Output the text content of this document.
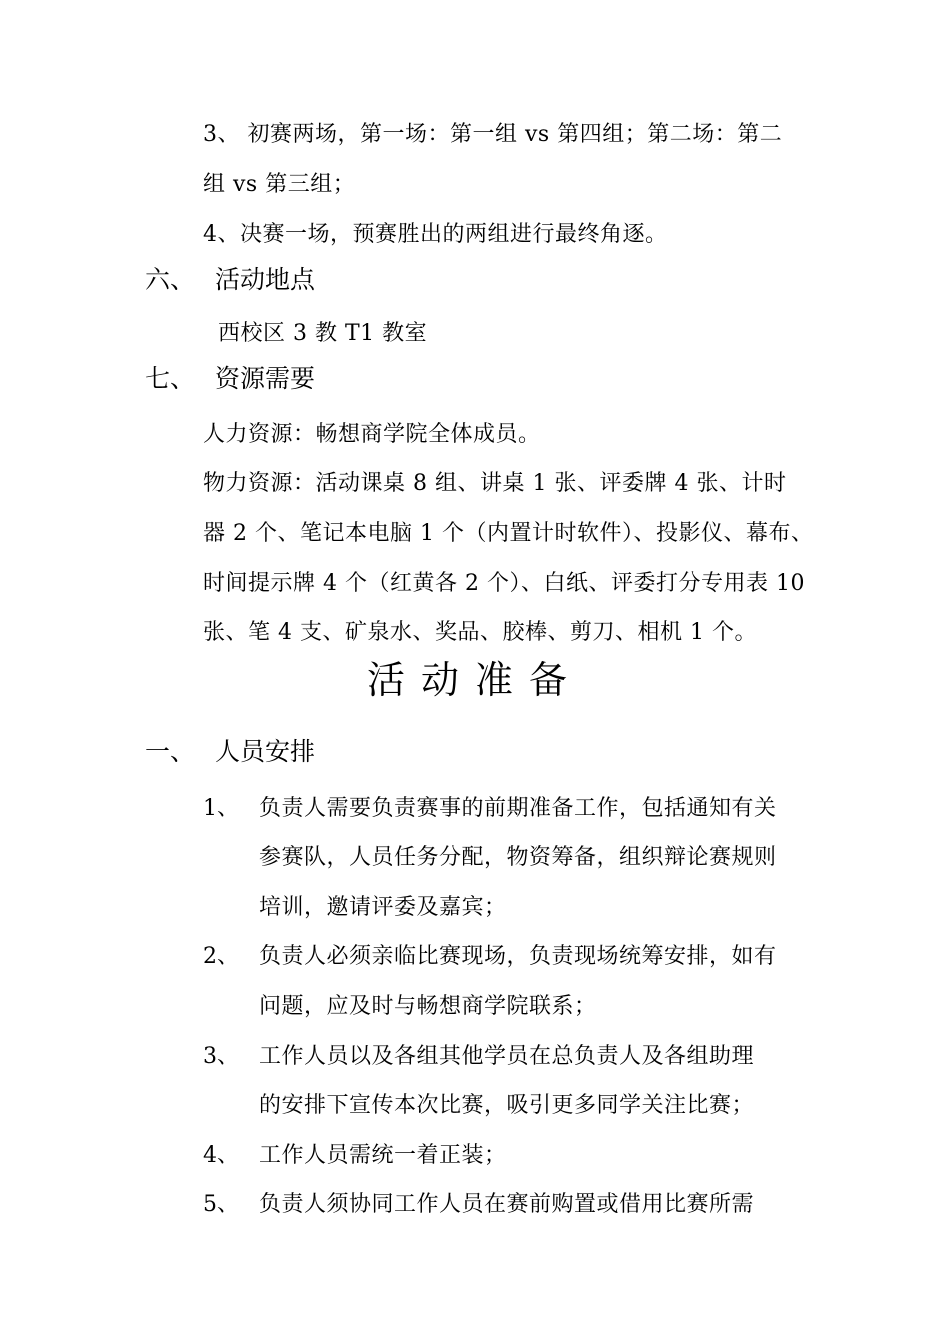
3、 初赛两场，第一场：第一组 vs 第四组；第二场：第二
组 vs 第三组；
4、决赛一场，预赛胜出的两组进行最终角逐。
六、 活动地点
西校区 3 教 T1 教室
七、 资源需要
人力资源：畅想商学院全体成员。
物力资源：活动课桌 8 组、讲桌 1 张、评委牌 4 张、计时
器 2 个、笔记本电脑 1 个（内置计时软件）、投影仪、幕布、
时间提示牌 4 个（红黄各 2 个）、白纸、评委打分专用表 10
张、笔 4 支、矿泉水、奖品、胶棒、剪刀、相机 1 个。
活动准备
一、 人员安排
1、 负责人需要负责赛事的前期准备工作，包括通知有关
参赛队，人员任务分配，物资筹备，组织辩论赛规则
培训，邀请评委及嘉宾；
2、 负责人必须亲临比赛现场，负责现场统筹安排，如有
问题，应及时与畅想商学院联系；
3、 工作人员以及各组其他学员在总负责人及各组助理
的安排下宣传本次比赛，吸引更多同学关注比赛；
4、 工作人员需统一着正装；
5、 负责人须协同工作人员在赛前购置或借用比赛所需
